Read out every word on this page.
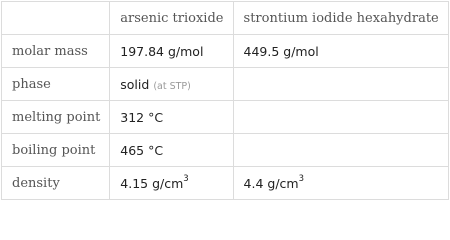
	arsenic trioxide	strontium iodide hexahydrate
molar mass	197.84 g/mol	449.5 g/mol
phase	solid (at STP)	
melting point	312 °C	
boiling point	465 °C	
density	4.15 $g/cm^3$	4.4 $g/cm^3$
